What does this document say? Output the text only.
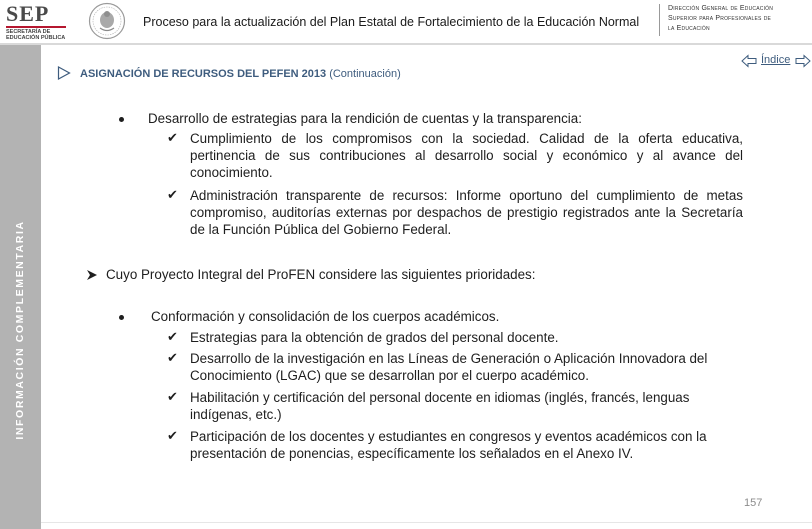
SEP
SECRETARÍA DE EDUCACIÓN PÚBLICA
Proceso para la actualización del Plan Estatal de Fortalecimiento de la Educación Normal
Dirección General de Educación
Superior para Profesionales de
la Educación
INFORMACIÓN COMPLEMENTARIA
ASIGNACIÓN DE RECURSOS DEL PEFEN 2013 (Continuación)
Índice
Desarrollo de estrategias para la rendición de cuentas y la transparencia:
✔ Cumplimiento de los compromisos con la sociedad. Calidad de la oferta educativa, pertinencia de sus contribuciones al desarrollo social y económico y al avance del conocimiento.
✔ Administración transparente de recursos: Informe oportuno del cumplimiento de metas compromiso, auditorías externas por despachos de prestigio registrados ante la Secretaría de la Función Pública del Gobierno Federal.
Cuyo Proyecto Integral del ProFEN considere las siguientes prioridades:
Conformación y consolidación de los cuerpos académicos.
✔ Estrategias para la obtención de grados del personal docente.
✔ Desarrollo de la investigación en las Líneas de Generación o Aplicación Innovadora del Conocimiento (LGAC) que se desarrollan por el cuerpo académico.
✔ Habilitación y certificación del personal docente en idiomas (inglés, francés, lenguas indígenas, etc.)
✔ Participación de los docentes y estudiantes en congresos y eventos académicos con la presentación de ponencias, específicamente los señalados en el Anexo IV.
157
